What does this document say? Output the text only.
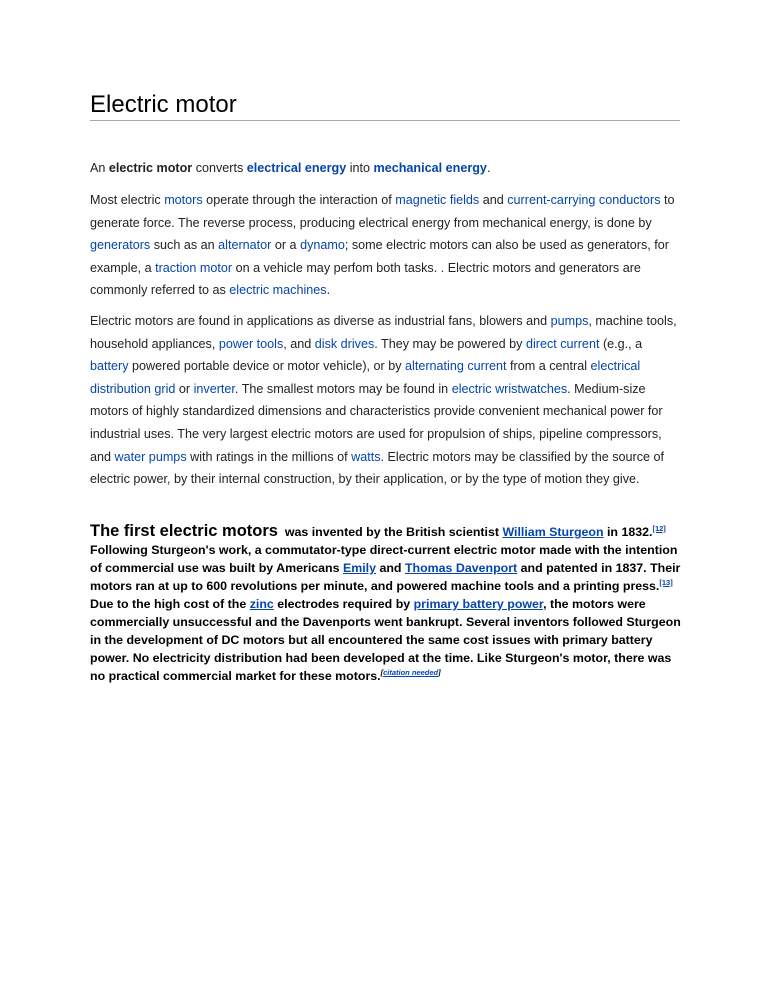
Electric motor

An electric motor converts electrical energy into mechanical energy.

Most electric motors operate through the interaction of magnetic fields and current-carrying conductors to generate force. The reverse process, producing electrical energy from mechanical energy, is done by generators such as an alternator or a dynamo; some electric motors can also be used as generators, for example, a traction motor on a vehicle may perfom both tasks. . Electric motors and generators are commonly referred to as electric machines.

Electric motors are found in applications as diverse as industrial fans, blowers and pumps, machine tools, household appliances, power tools, and disk drives. They may be powered by direct current (e.g., a battery powered portable device or motor vehicle), or by alternating current from a central electrical distribution grid or inverter. The smallest motors may be found in electric wristwatches. Medium-size motors of highly standardized dimensions and characteristics provide convenient mechanical power for industrial uses. The very largest electric motors are used for propulsion of ships, pipeline compressors, and water pumps with ratings in the millions of watts. Electric motors may be classified by the source of electric power, by their internal construction, by their application, or by the type of motion they give.

The first electric motors  was invented by the British scientist William Sturgeon in 1832.[12] Following Sturgeon's work, a commutator-type direct-current electric motor made with the intention of commercial use was built by Americans Emily and Thomas Davenport and patented in 1837. Their motors ran at up to 600 revolutions per minute, and powered machine tools and a printing press.[13] Due to the high cost of the zinc electrodes required by primary battery power, the motors were commercially unsuccessful and the Davenports went bankrupt. Several inventors followed Sturgeon in the development of DC motors but all encountered the same cost issues with primary battery power. No electricity distribution had been developed at the time. Like Sturgeon's motor, there was no practical commercial market for these motors.[citation needed]
